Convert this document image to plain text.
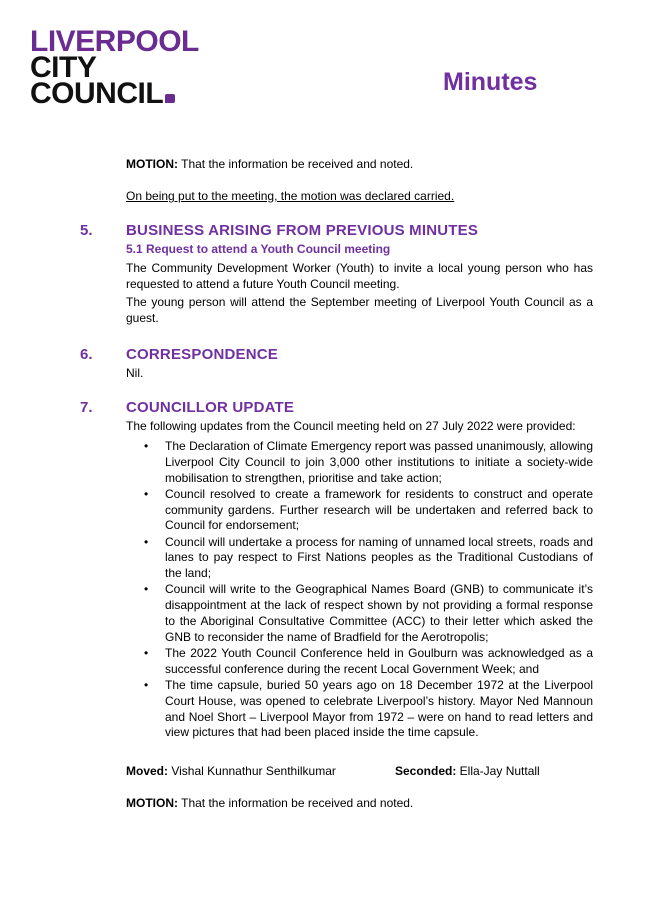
LIVERPOOL
CITY
COUNCIL	Minutes
MOTION: That the information be received and noted.
On being put to the meeting, the motion was declared carried.
5. BUSINESS ARISING FROM PREVIOUS MINUTES
5.1 Request to attend a Youth Council meeting
The Community Development Worker (Youth) to invite a local young person who has requested to attend a future Youth Council meeting.
The young person will attend the September meeting of Liverpool Youth Council as a guest.
6. CORRESPONDENCE
Nil.
7. COUNCILLOR UPDATE
The following updates from the Council meeting held on 27 July 2022 were provided:
• The Declaration of Climate Emergency report was passed unanimously, allowing Liverpool City Council to join 3,000 other institutions to initiate a society-wide mobilisation to strengthen, prioritise and take action;
• Council resolved to create a framework for residents to construct and operate community gardens. Further research will be undertaken and referred back to Council for endorsement;
• Council will undertake a process for naming of unnamed local streets, roads and lanes to pay respect to First Nations peoples as the Traditional Custodians of the land;
• Council will write to the Geographical Names Board (GNB) to communicate it’s disappointment at the lack of respect shown by not providing a formal response to the Aboriginal Consultative Committee (ACC) to their letter which asked the GNB to reconsider the name of Bradfield for the Aerotropolis;
• The 2022 Youth Council Conference held in Goulburn was acknowledged as a successful conference during the recent Local Government Week; and
• The time capsule, buried 50 years ago on 18 December 1972 at the Liverpool Court House, was opened to celebrate Liverpool’s history. Mayor Ned Mannoun and Noel Short – Liverpool Mayor from 1972 – were on hand to read letters and view pictures that had been placed inside the time capsule.
Moved: Vishal Kunnathur Senthilkumar	Seconded: Ella-Jay Nuttall
MOTION: That the information be received and noted.
